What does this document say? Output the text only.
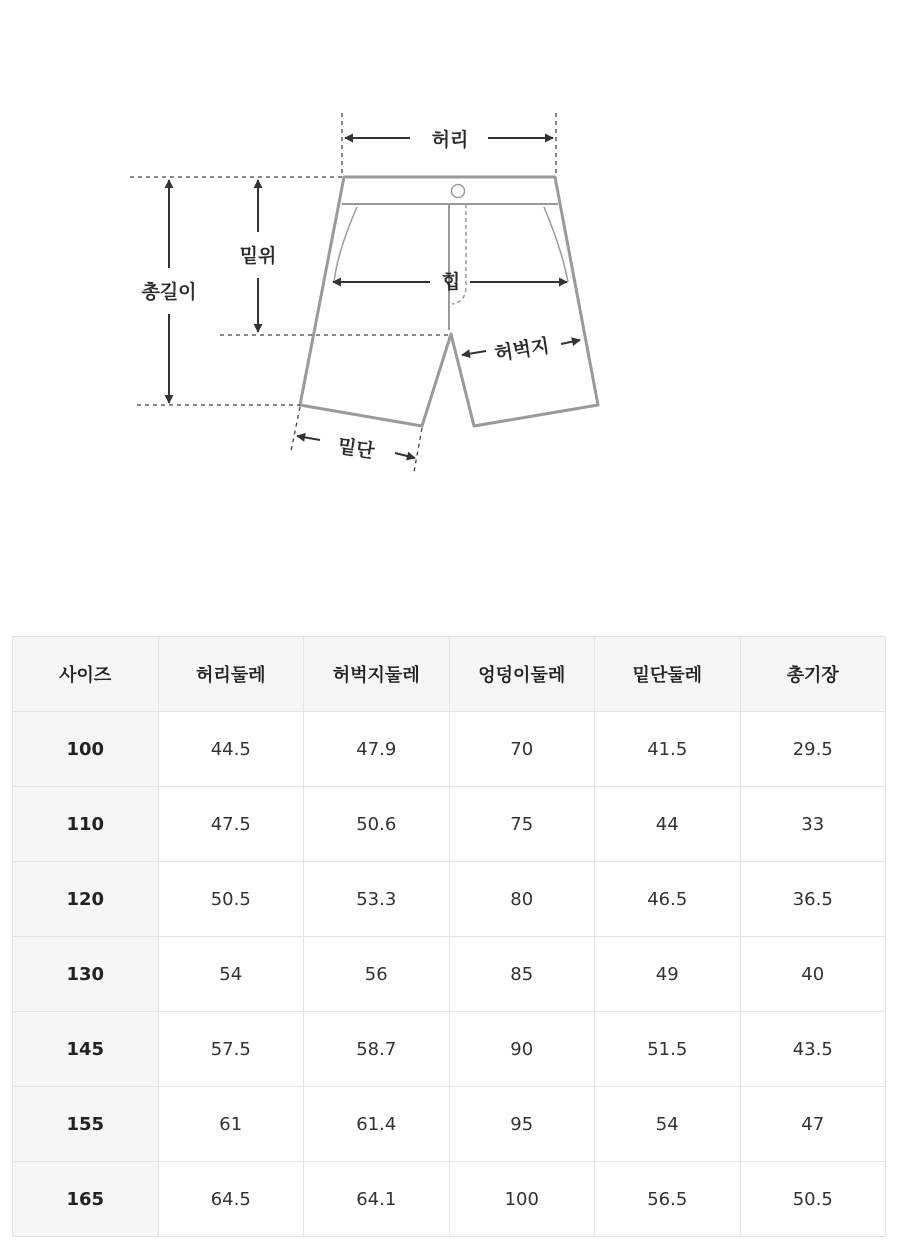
허리
밑위
총길이	힙
허벅지
밑단
사이즈	허리둘레	허벅지둘레	엉덩이둘레	밑단둘레	총기장
100	44.5	47.9	70	41.5	29.5
110	47.5	50.6	75	44	33
120	50.5	53.3	80	46.5	36.5
130	54	56	85	49	40
145	57.5	58.7	90	51.5	43.5
155	61	61.4	95	54	47
165	64.5	64.1	100	56.5	50.5
